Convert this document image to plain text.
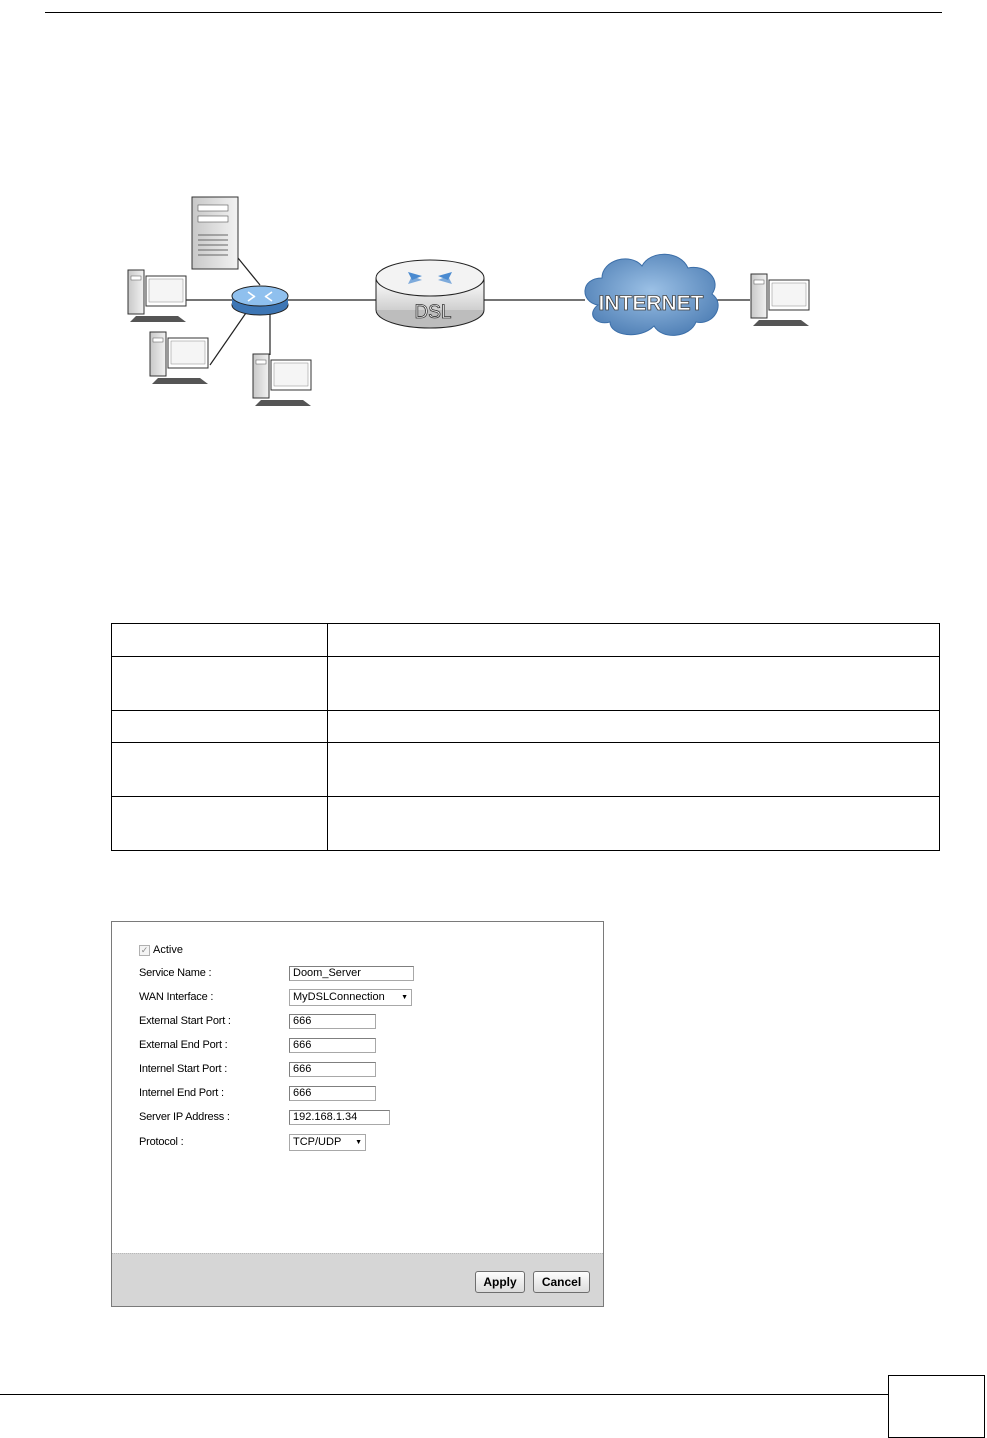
DSL	INTERNET

✓ Active
Service Name :	Doom_Server
WAN Interface :	MyDSLConnection ▼
External Start Port :	666
External End Port :	666
Internel Start Port :	666
Internel End Port :	666
Server IP Address :	192.168.1.34
Protocol :	TCP/UDP ▼
Apply	Cancel
